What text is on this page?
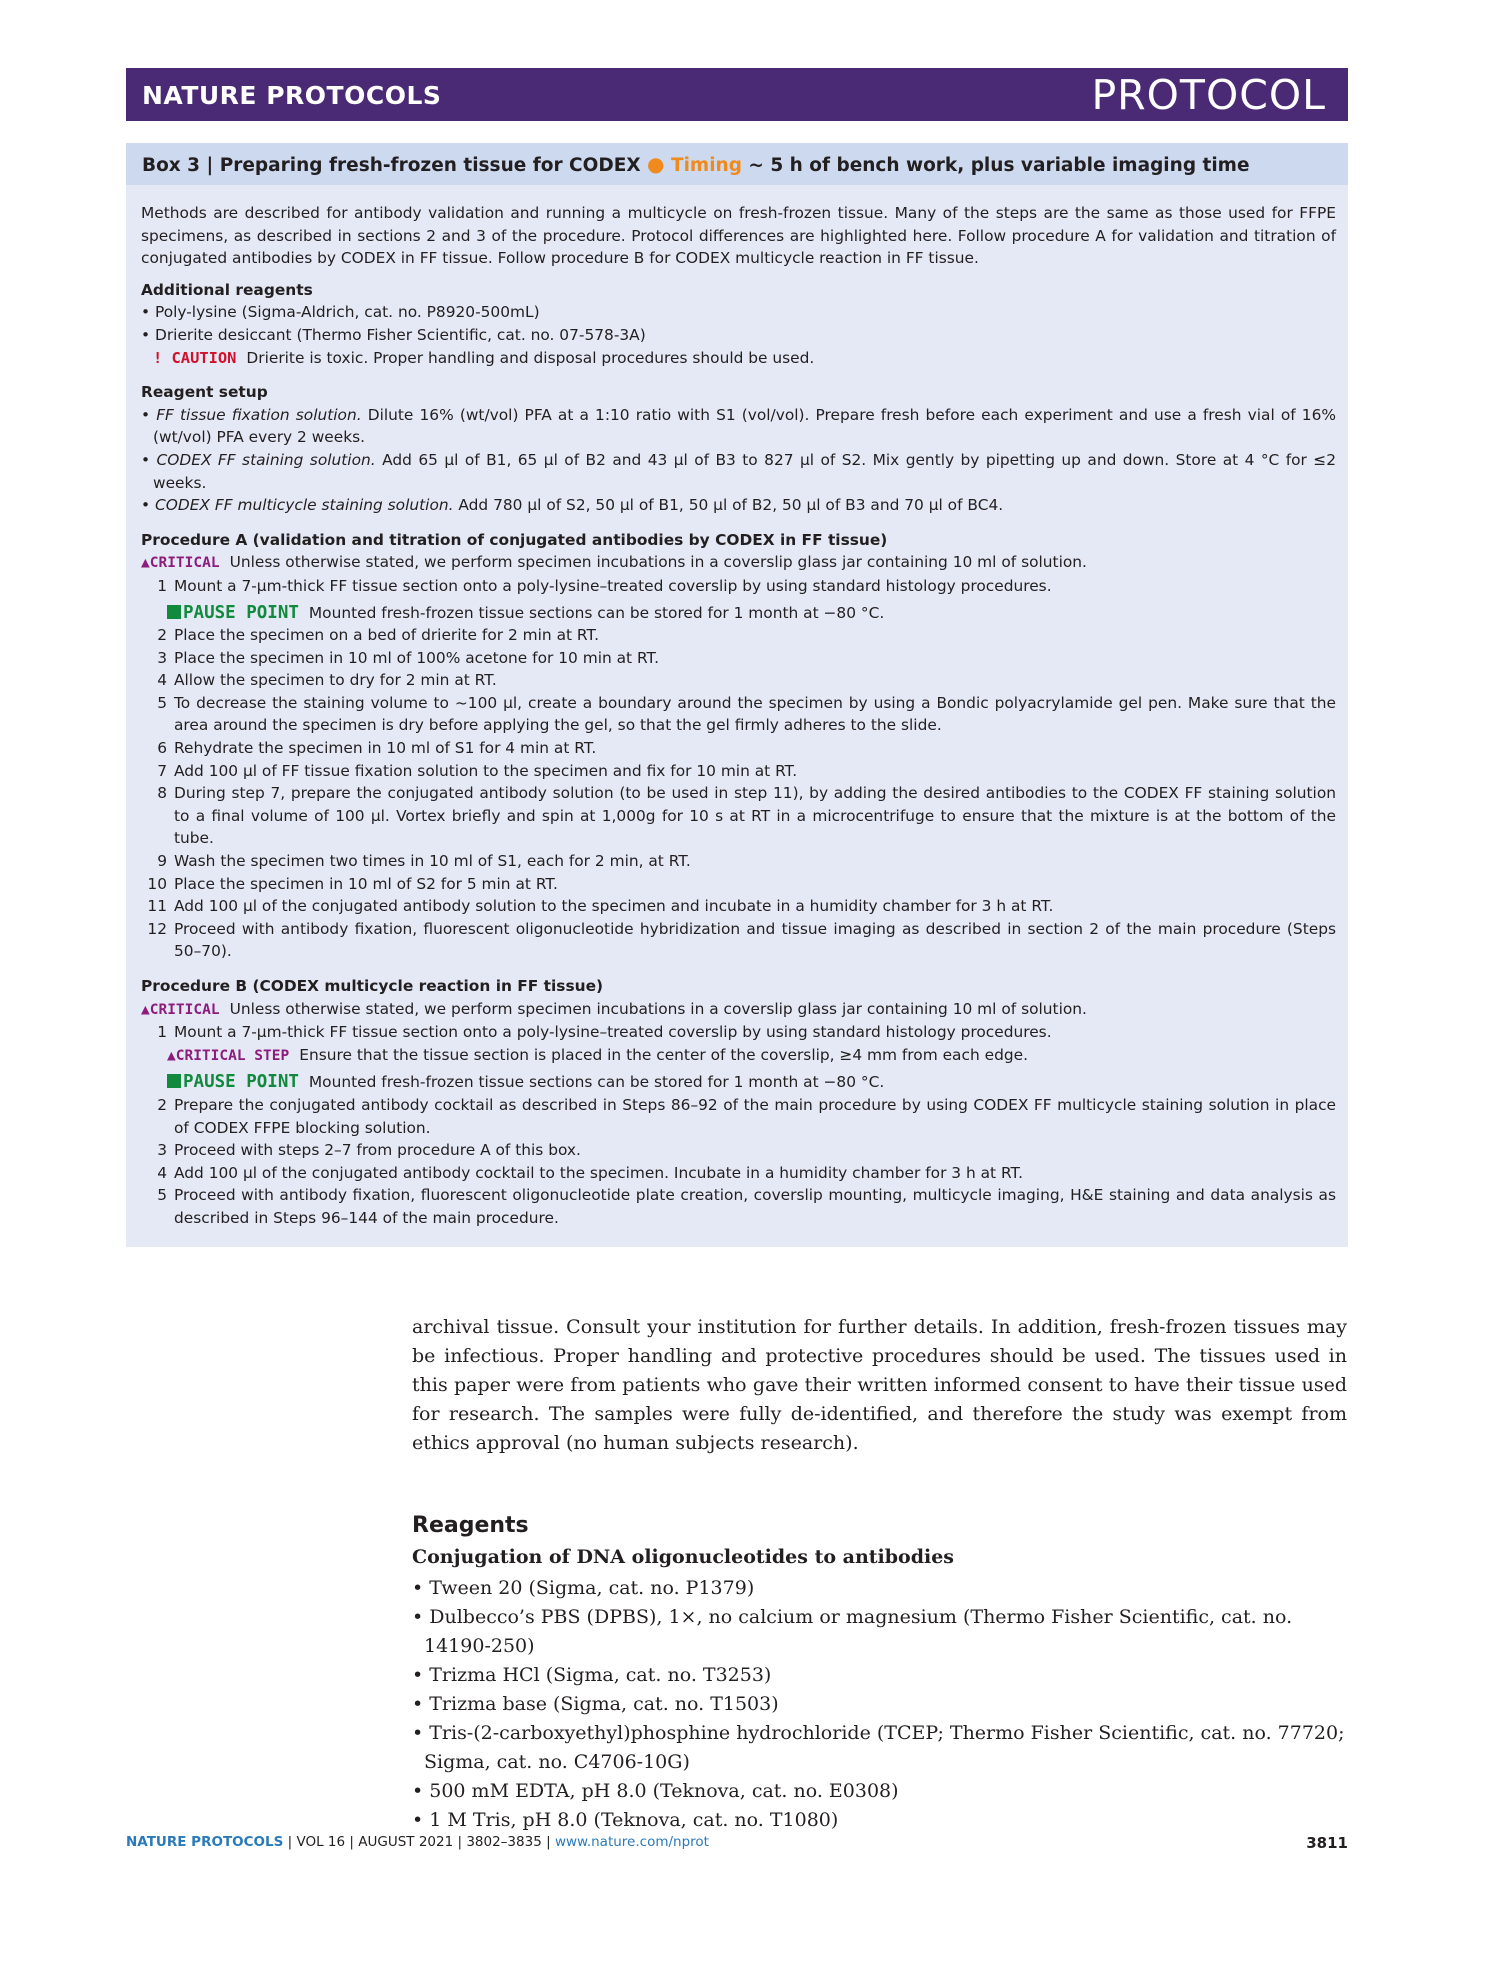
NATURE PROTOCOLS	PROTOCOL
Box 3 | Preparing fresh-frozen tissue for CODEX ● Timing ~ 5 h of bench work, plus variable imaging time

Methods are described for antibody validation and running a multicycle on fresh-frozen tissue. Many of the steps are the same as those used for FFPE specimens, as described in sections 2 and 3 of the procedure. Protocol differences are highlighted here. Follow procedure A for validation and titration of conjugated antibodies by CODEX in FF tissue. Follow procedure B for CODEX multicycle reaction in FF tissue.

Additional reagents
• Poly-lysine (Sigma-Aldrich, cat. no. P8920-500mL)
• Drierite desiccant (Thermo Fisher Scientific, cat. no. 07-578-3A)
! CAUTION Drierite is toxic. Proper handling and disposal procedures should be used.
Reagent setup
• FF tissue fixation solution. Dilute 16% (wt/vol) PFA at a 1:10 ratio with S1 (vol/vol). Prepare fresh before each experiment and use a fresh vial of 16% (wt/vol) PFA every 2 weeks.
• CODEX FF staining solution. Add 65 µl of B1, 65 µl of B2 and 43 µl of B3 to 827 µl of S2. Mix gently by pipetting up and down. Store at 4 °C for ≤2 weeks.
• CODEX FF multicycle staining solution. Add 780 µl of S2, 50 µl of B1, 50 µl of B2, 50 µl of B3 and 70 µl of BC4.
Procedure A (validation and titration of conjugated antibodies by CODEX in FF tissue)
▲CRITICAL Unless otherwise stated, we perform specimen incubations in a coverslip glass jar containing 10 ml of solution.
1 Mount a 7-µm-thick FF tissue section onto a poly-lysine–treated coverslip by using standard histology procedures.
PAUSE POINT Mounted fresh-frozen tissue sections can be stored for 1 month at −80 °C.
2 Place the specimen on a bed of drierite for 2 min at RT.
3 Place the specimen in 10 ml of 100% acetone for 10 min at RT.
4 Allow the specimen to dry for 2 min at RT.
5 To decrease the staining volume to ~100 µl, create a boundary around the specimen by using a Bondic polyacrylamide gel pen. Make sure that the area around the specimen is dry before applying the gel, so that the gel firmly adheres to the slide.
6 Rehydrate the specimen in 10 ml of S1 for 4 min at RT.
7 Add 100 µl of FF tissue fixation solution to the specimen and fix for 10 min at RT.
8 During step 7, prepare the conjugated antibody solution (to be used in step 11), by adding the desired antibodies to the CODEX FF staining solution to a final volume of 100 µl. Vortex briefly and spin at 1,000g for 10 s at RT in a microcentrifuge to ensure that the mixture is at the bottom of the tube.
9 Wash the specimen two times in 10 ml of S1, each for 2 min, at RT.
10 Place the specimen in 10 ml of S2 for 5 min at RT.
11 Add 100 µl of the conjugated antibody solution to the specimen and incubate in a humidity chamber for 3 h at RT.
12 Proceed with antibody fixation, fluorescent oligonucleotide hybridization and tissue imaging as described in section 2 of the main procedure (Steps 50–70).
Procedure B (CODEX multicycle reaction in FF tissue)
▲CRITICAL Unless otherwise stated, we perform specimen incubations in a coverslip glass jar containing 10 ml of solution.
1 Mount a 7-µm-thick FF tissue section onto a poly-lysine–treated coverslip by using standard histology procedures.
▲CRITICAL STEP Ensure that the tissue section is placed in the center of the coverslip, ≥4 mm from each edge.
PAUSE POINT Mounted fresh-frozen tissue sections can be stored for 1 month at −80 °C.
2 Prepare the conjugated antibody cocktail as described in Steps 86–92 of the main procedure by using CODEX FF multicycle staining solution in place of CODEX FFPE blocking solution.
3 Proceed with steps 2–7 from procedure A of this box.
4 Add 100 µl of the conjugated antibody cocktail to the specimen. Incubate in a humidity chamber for 3 h at RT.
5 Proceed with antibody fixation, fluorescent oligonucleotide plate creation, coverslip mounting, multicycle imaging, H&E staining and data analysis as described in Steps 96–144 of the main procedure.

archival tissue. Consult your institution for further details. In addition, fresh-frozen tissues may be infectious. Proper handling and protective procedures should be used. The tissues used in this paper were from patients who gave their written informed consent to have their tissue used for research. The samples were fully de-identified, and therefore the study was exempt from ethics approval (no human subjects research).

Reagents
Conjugation of DNA oligonucleotides to antibodies
• Tween 20 (Sigma, cat. no. P1379)
• Dulbecco’s PBS (DPBS), 1×, no calcium or magnesium (Thermo Fisher Scientific, cat. no. 14190-250)
• Trizma HCl (Sigma, cat. no. T3253)
• Trizma base (Sigma, cat. no. T1503)
• Tris-(2-carboxyethyl)phosphine hydrochloride (TCEP; Thermo Fisher Scientific, cat. no. 77720; Sigma, cat. no. C4706-10G)
• 500 mM EDTA, pH 8.0 (Teknova, cat. no. E0308)
• 1 M Tris, pH 8.0 (Teknova, cat. no. T1080)
NATURE PROTOCOLS | VOL 16 | AUGUST 2021 | 3802–3835 | www.nature.com/nprot	3811
